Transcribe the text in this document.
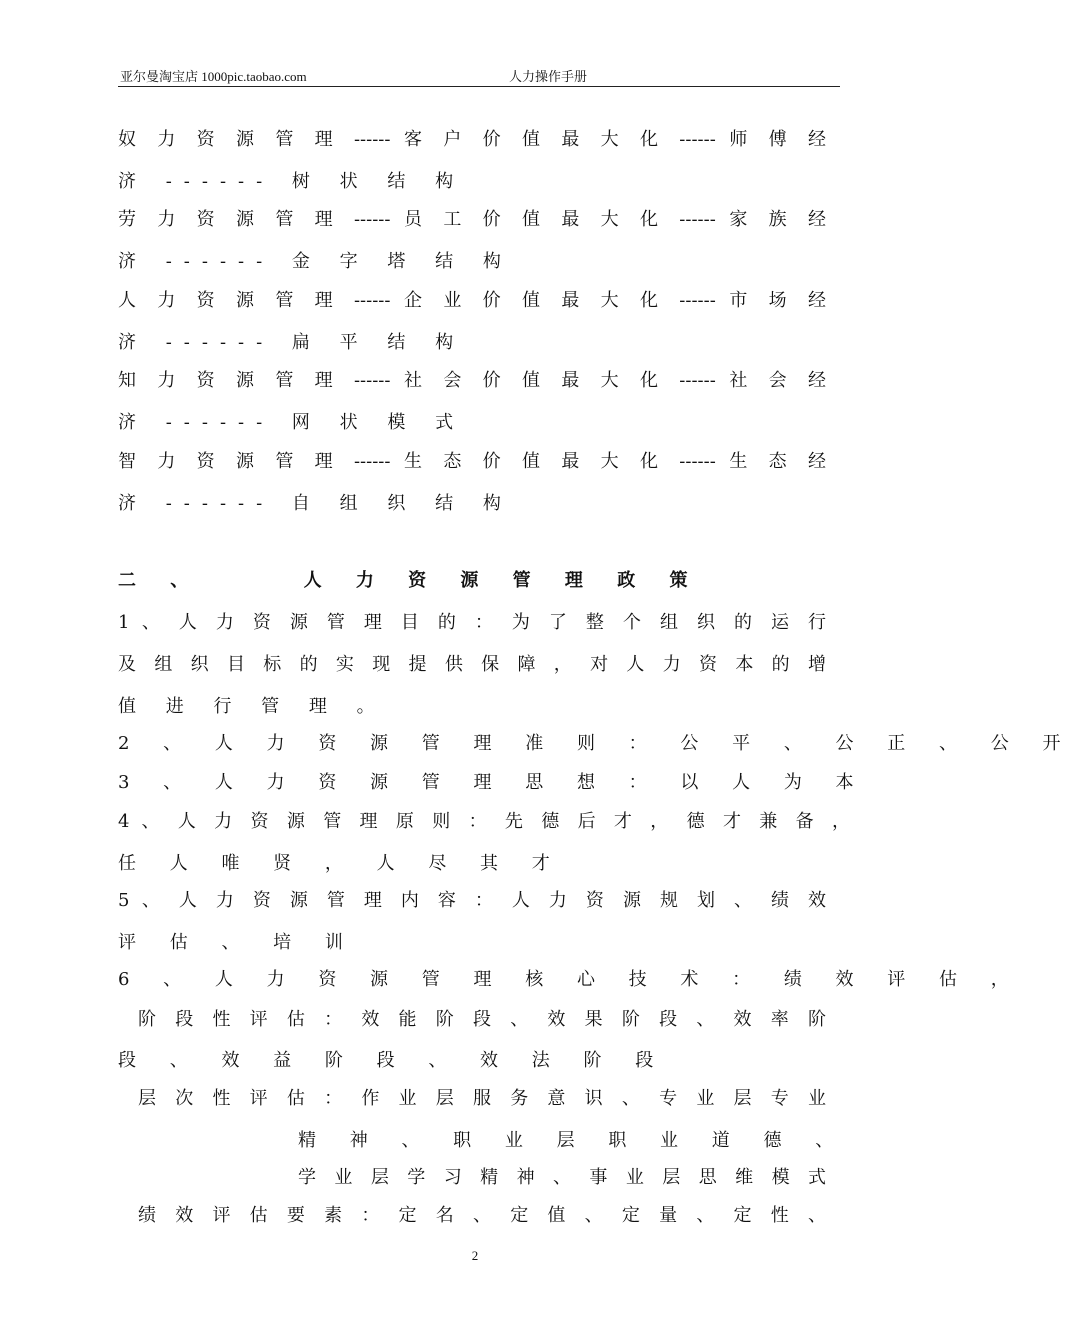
亚尔曼淘宝店 1000pic.taobao.com	人力操作手册

奴 力 资 源 管 理 ------ 客 户 价 值 最 大 化 ------ 师 傅 经

济 ------ 树 状 结 构

劳 力 资 源 管 理 ------ 员 工 价 值 最 大 化 ------ 家 族 经

济 ------ 金 字 塔 结 构

人 力 资 源 管 理 ------ 企 业 价 值 最 大 化 ------ 市 场 经

济 ------ 扁 平 结 构

知 力 资 源 管 理 ------ 社 会 价 值 最 大 化 ------ 社 会 经

济 ------ 网 状 模 式

智 力 资 源 管 理 ------ 生 态 价 值 最 大 化 ------ 生 态 经

济 ------ 自 组 织 结 构

二 、     人 力 资 源 管 理 政 策

1 、 人 力 资 源 管 理 目 的 ： 为 了 整 个 组 织 的 运 行

及 组 织 目 标 的 实 现 提 供 保 障 ， 对 人 力 资 本 的 增

值 进 行 管 理 。

2 、 人 力 资 源 管 理 准 则 ： 公 平 、 公 正 、 公 开

3 、 人 力 资 源 管 理 思 想 ： 以 人 为 本

4 、 人 力 资 源 管 理 原 则 ： 先 德 后 才 ， 德 才 兼 备 ，

任 人 唯 贤 ， 人 尽 其 才

5 、 人 力 资 源 管 理 内 容 ： 人 力 资 源 规 划 、 绩 效

评 估 、 培 训

6 、 人 力 资 源 管 理 核 心 技 术 ： 绩 效 评 估 ，

阶 段 性 评 估 ： 效 能 阶 段 、 效 果 阶 段 、 效 率 阶

段 、 效 益 阶 段 、 效 法 阶 段

层 次 性 评 估 ： 作 业 层 服 务 意 识 、 专 业 层 专 业

精 神 、 职 业 层 职 业 道 德 、

学 业 层 学 习 精 神 、 事 业 层 思 维 模 式

绩 效 评 估 要 素 ： 定 名 、 定 值 、 定 量 、 定 性 、

2
